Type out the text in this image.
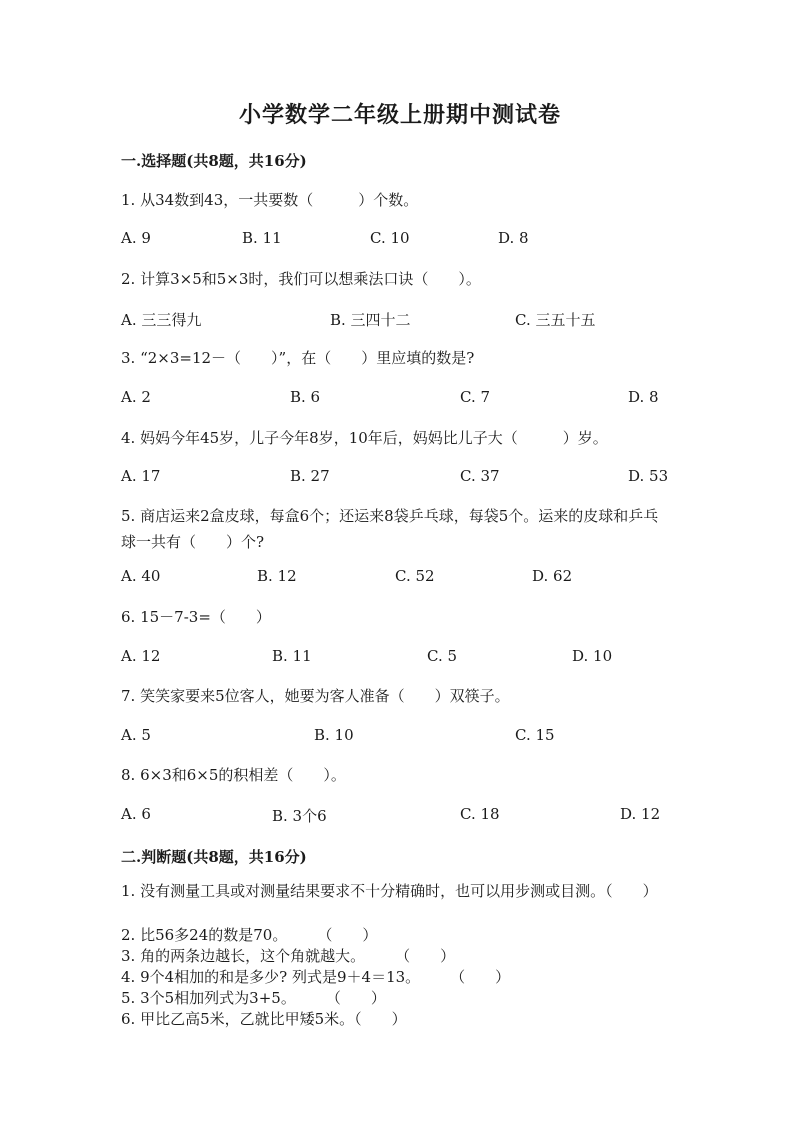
小学数学二年级上册期中测试卷
一.选择题(共8题，共16分)
1. 从34数到43，一共要数（　　　）个数。
A. 9	B. 11	C. 10	D. 8
2. 计算3×5和5×3时，我们可以想乘法口诀（　　）。
A. 三三得九	B. 三四十二	C. 三五十五
3. “2×3=12－（　　）”，在（　　）里应填的数是?
A. 2	B. 6	C. 7	D. 8
4. 妈妈今年45岁，儿子今年8岁，10年后，妈妈比儿子大（　　　）岁。
A. 17	B. 27	C. 37	D. 53
5. 商店运来2盒皮球，每盒6个；还运来8袋乒乓球，每袋5个。运来的皮球和乒乓球一共有（　　）个?
A. 40	B. 12	C. 52	D. 62
6. 15－7-3=（　　）
A. 12	B. 11	C. 5	D. 10
7. 笑笑家要来5位客人，她要为客人准备（　　）双筷子。
A. 5	B. 10	C. 15
8. 6×3和6×5的积相差（　　）。
A. 6	B. 3个6	C. 18	D. 12
二.判断题(共8题，共16分)
1. 没有测量工具或对测量结果要求不十分精确时，也可以用步测或目测。（　　）
2. 比56多24的数是70。　　　（　　）
3. 角的两条边越长，这个角就越大。　　　（　　）
4. 9个4相加的和是多少? 列式是9＋4＝13。　　　（　　）
5. 3个5相加列式为3+5。　　　（　　）
6. 甲比乙高5米，乙就比甲矮5米。（　　）
